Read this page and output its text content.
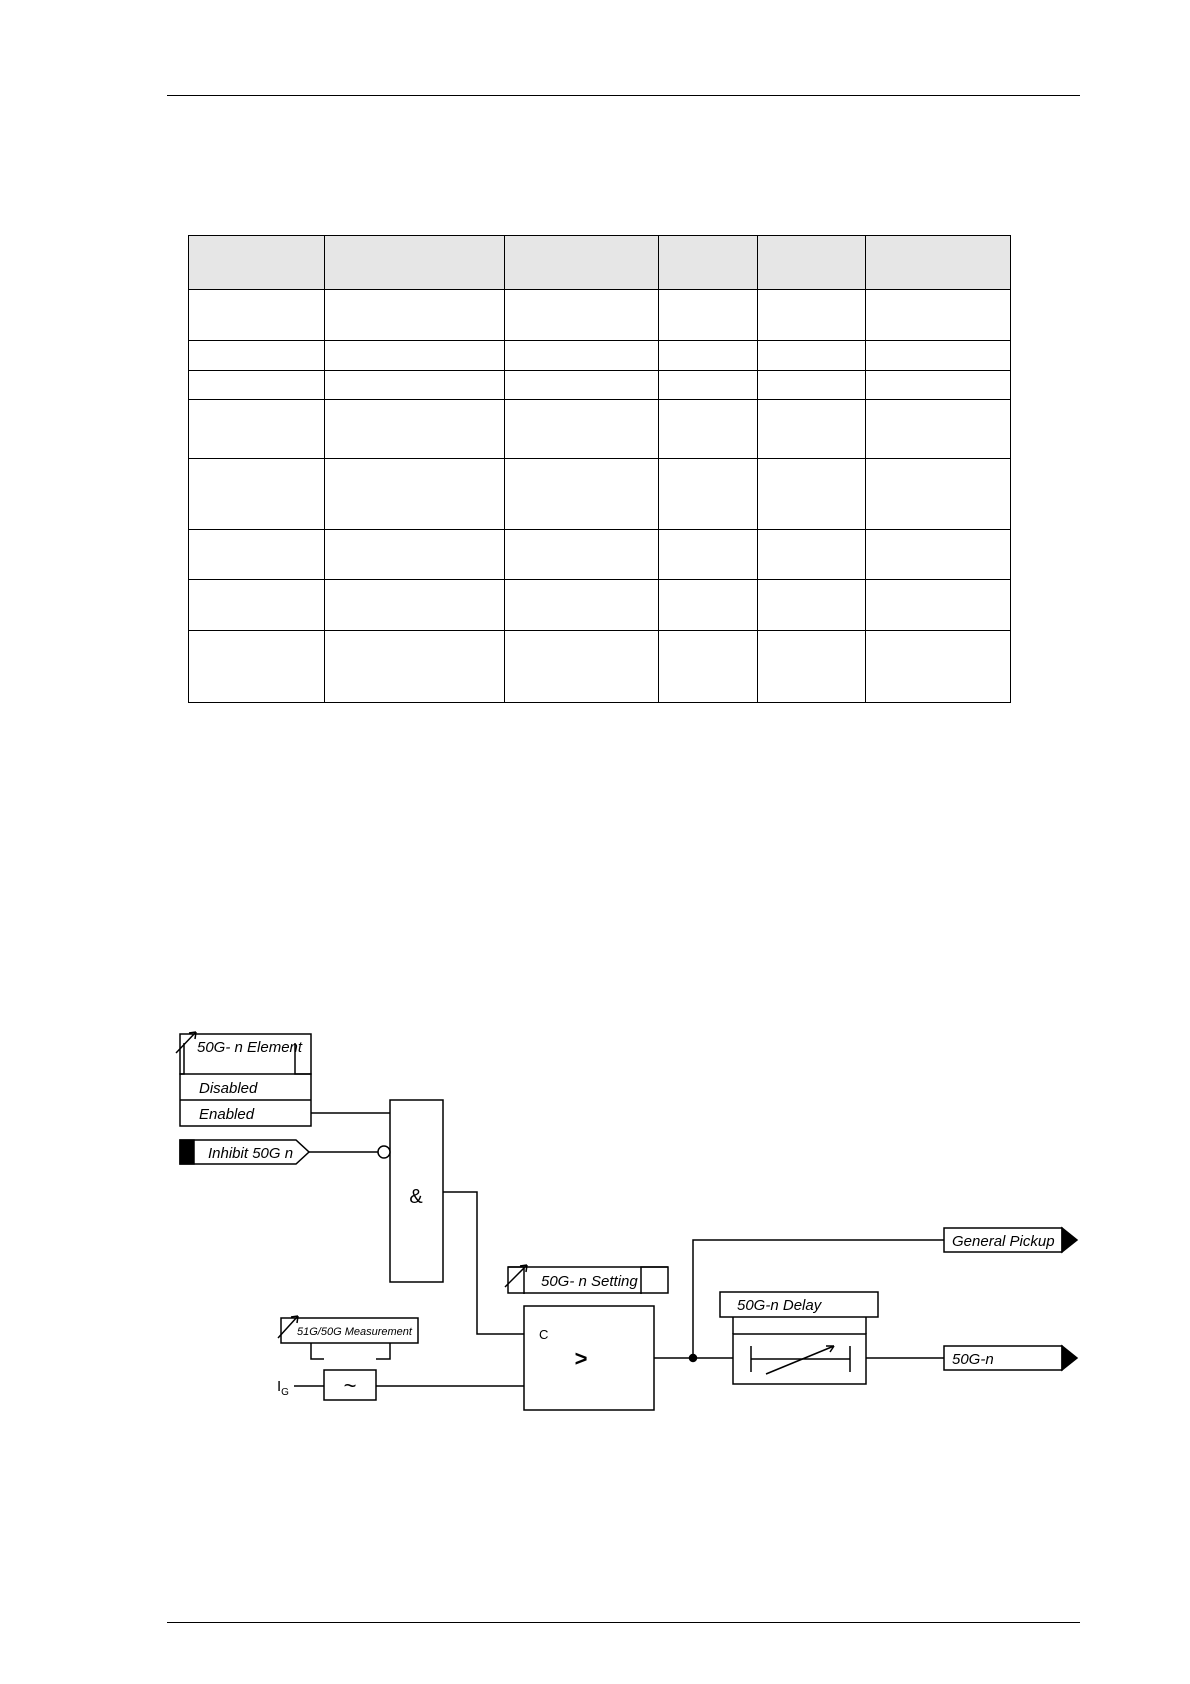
50G- n Element
Disabled
Enabled
Inhibit 50G n
&
50G- n Setting
C
>
51G/50G Measurement
~
$I_G$
50G-n Delay
General Pickup
50G-n
